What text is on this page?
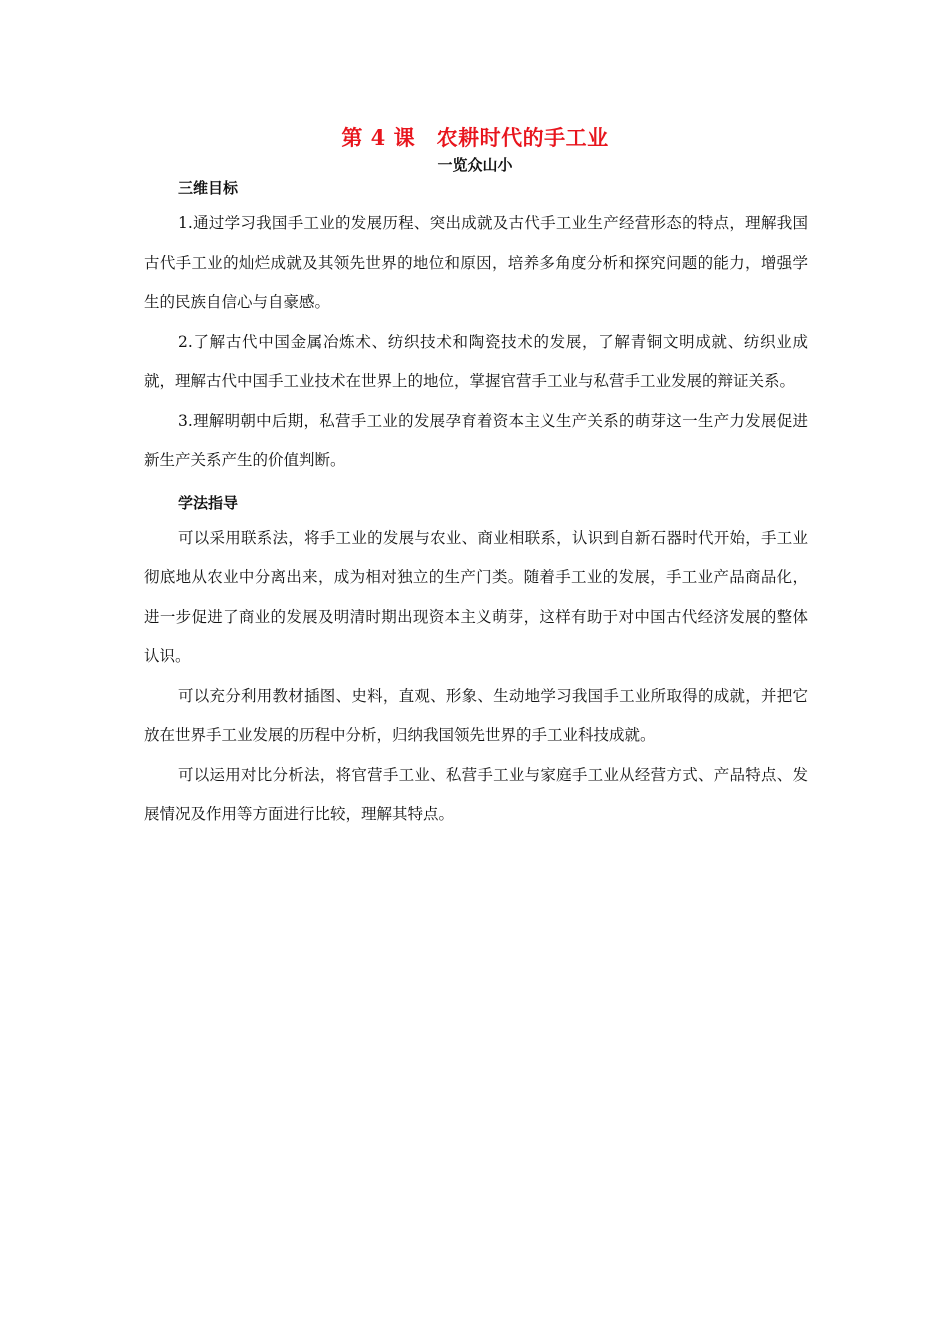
第 4 课　农耕时代的手工业
一览众山小
三维目标

1.通过学习我国手工业的发展历程、突出成就及古代手工业生产经营形态的特点，理解我国古代手工业的灿烂成就及其领先世界的地位和原因，培养多角度分析和探究问题的能力，增强学生的民族自信心与自豪感。

2.了解古代中国金属冶炼术、纺织技术和陶瓷技术的发展，了解青铜文明成就、纺织业成就，理解古代中国手工业技术在世界上的地位，掌握官营手工业与私营手工业发展的辩证关系。

3.理解明朝中后期，私营手工业的发展孕育着资本主义生产关系的萌芽这一生产力发展促进新生产关系产生的价值判断。

学法指导

可以采用联系法，将手工业的发展与农业、商业相联系，认识到自新石器时代开始，手工业彻底地从农业中分离出来，成为相对独立的生产门类。随着手工业的发展，手工业产品商品化，进一步促进了商业的发展及明清时期出现资本主义萌芽，这样有助于对中国古代经济发展的整体认识。

可以充分利用教材插图、史料，直观、形象、生动地学习我国手工业所取得的成就，并把它放在世界手工业发展的历程中分析，归纳我国领先世界的手工业科技成就。

可以运用对比分析法，将官营手工业、私营手工业与家庭手工业从经营方式、产品特点、发展情况及作用等方面进行比较，理解其特点。
